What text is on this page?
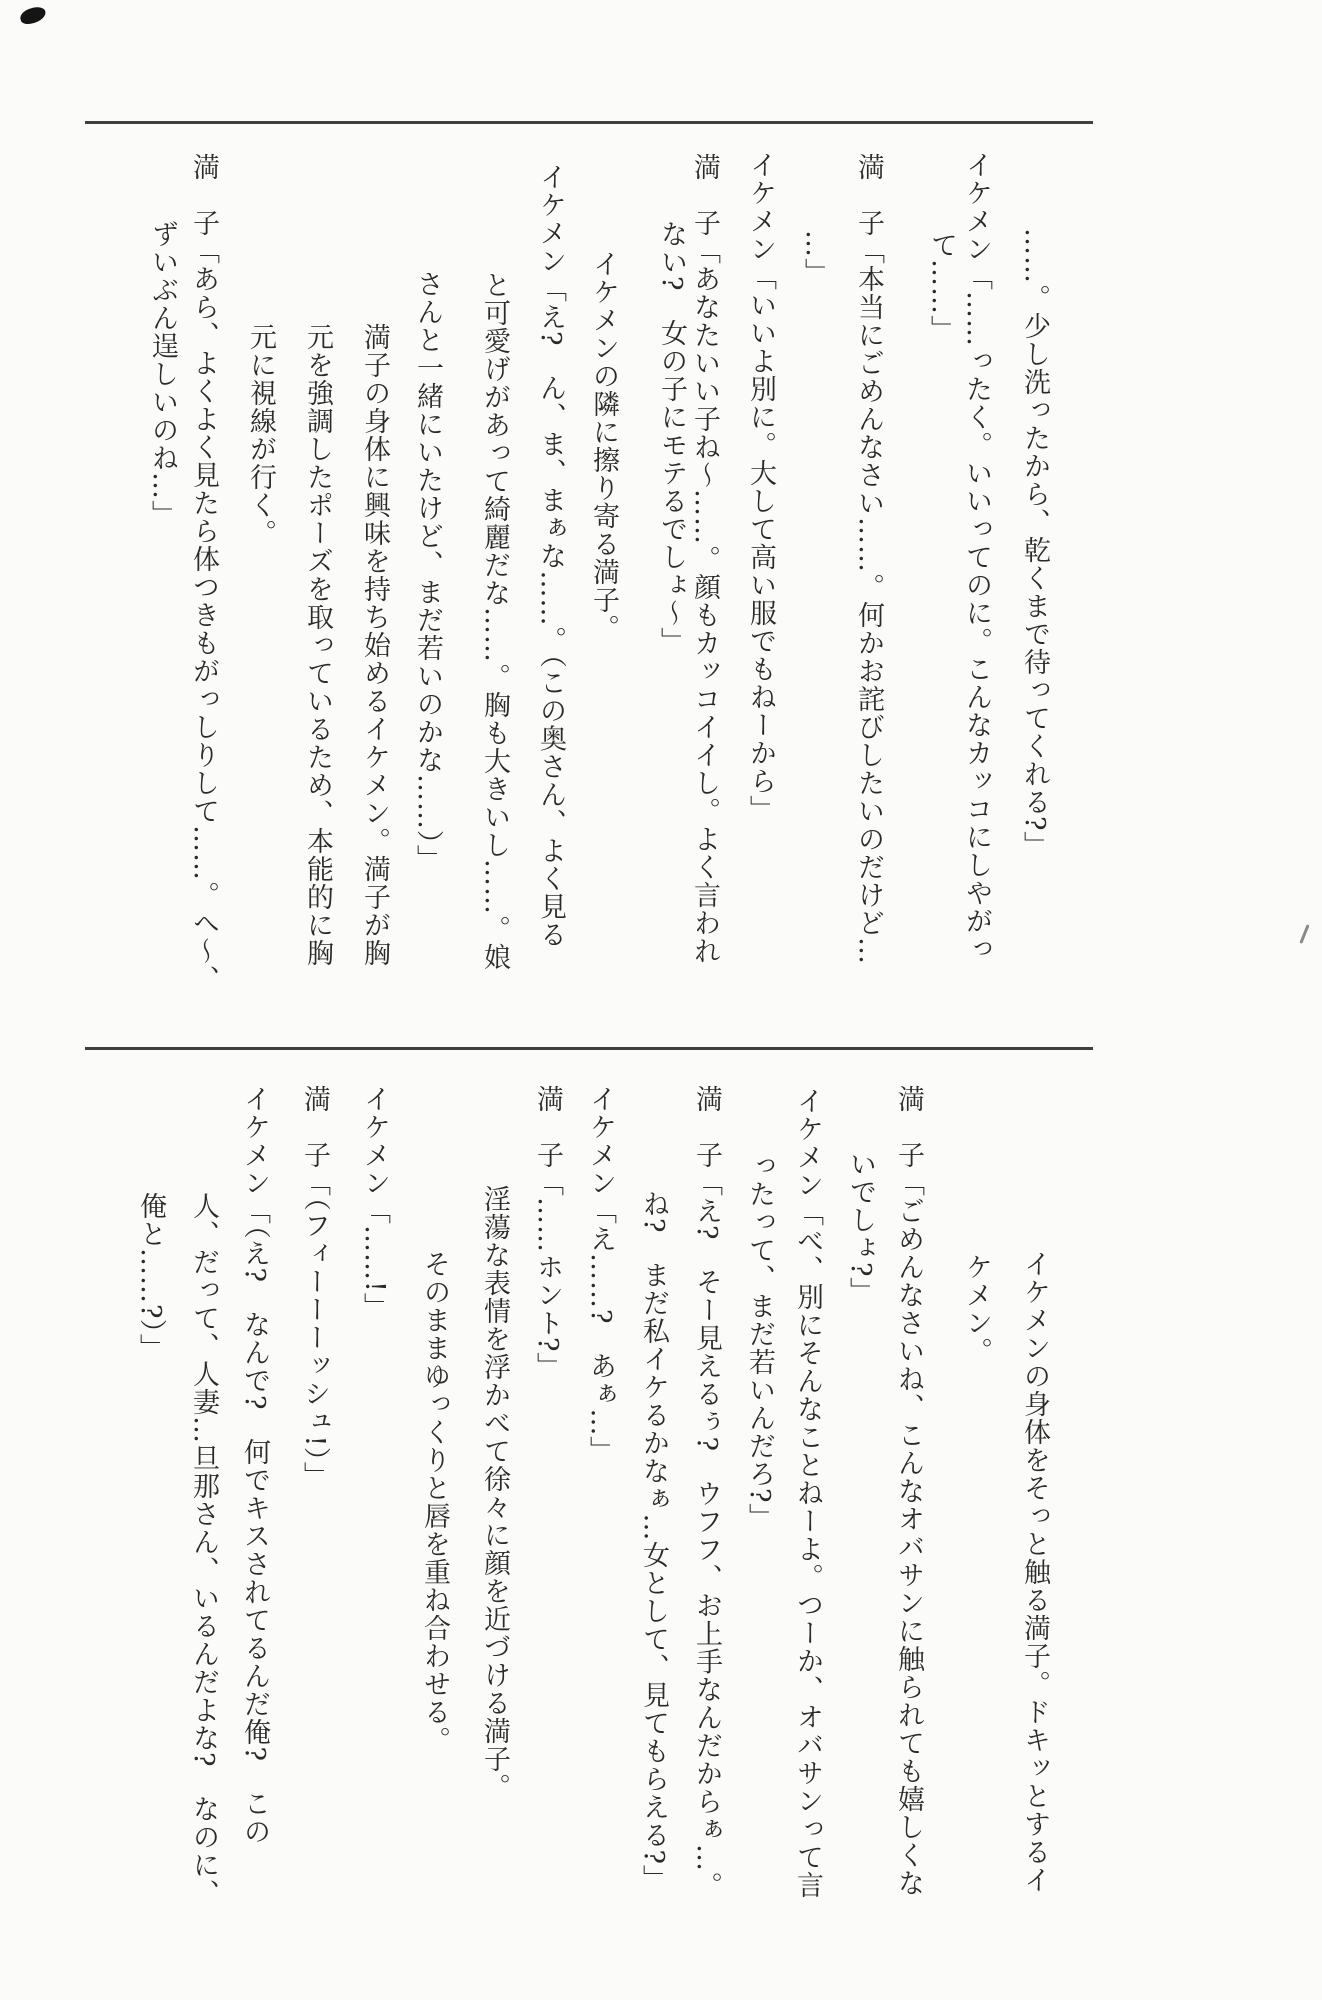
……。少し洗ったから、乾くまで待ってくれる?」
イケメン「……ったく。いいってのに。こんなカッコにしやがっ
て……」
満　子「本当にごめんなさい……。何かお詫びしたいのだけど…
…」
イケメン「いいよ別に。大して高い服でもねーから」
満　子「あなたいい子ね〜……。顔もカッコイイし。よく言われ
ない?　女の子にモテるでしょ〜」
イケメンの隣に擦り寄る満子。
イケメン「え?　ん、ま、まぁな……。（この奥さん、よく見る
と可愛げがあって綺麗だな……。胸も大きいし……。娘
さんと一緒にいたけど、まだ若いのかな……）」
満子の身体に興味を持ち始めるイケメン。満子が胸
元を強調したポーズを取っているため、本能的に胸
元に視線が行く。
満　子「あら、よくよく見たら体つきもがっしりして……。へ〜、
ずいぶん逞しいのね…」
イケメンの身体をそっと触る満子。ドキッとするイ
ケメン。
満　子「ごめんなさいね、こんなオバサンに触られても嬉しくな
いでしょ?」
イケメン「べ、別にそんなことねーよ。つーか、オバサンって言
ったって、まだ若いんだろ?」
満　子「え?　そー見えるぅ?　ウフフ、お上手なんだからぁ…。
ね?　まだ私イケるかなぁ…女として、見てもらえる?」
イケメン「え……?　あぁ…」
満　子「……ホント?」
淫蕩な表情を浮かべて徐々に顔を近づける満子。
そのままゆっくりと唇を重ね合わせる。
イケメン「……!」
満　子「（フィーーーッシュ!）」
イケメン「（え?　なんで?　何でキスされてるんだ俺?　この
人、だって、人妻…旦那さん、いるんだよな?　なのに、
俺と……?）」
